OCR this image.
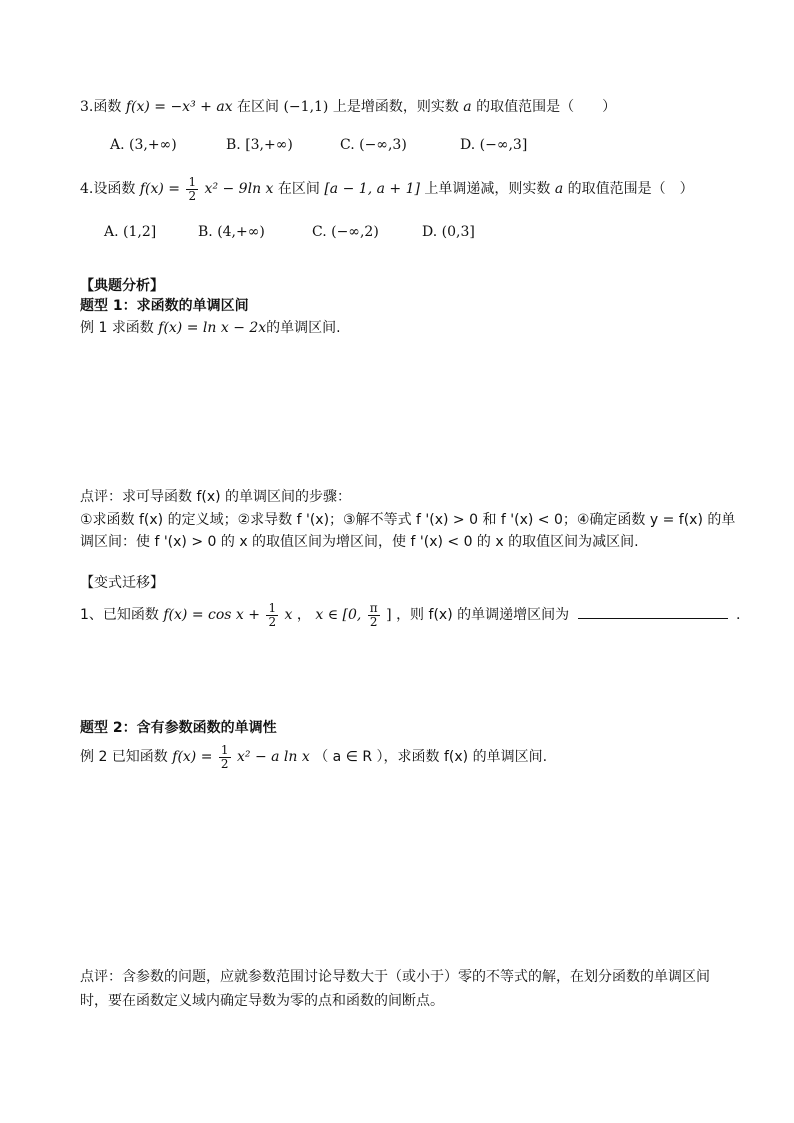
3.函数 f(x) = −x³ + ax 在区间 (−1,1) 上是增函数，则实数 a 的取值范围是（　　）
A. (3,+∞)	B. [3,+∞)	C. (−∞,3)	D. (−∞,3]
4.设函数 $f(x) = \frac{1}{2} x^2 - 9\ln$ x 在区间 [a − 1, a + 1] 上单调递减，则实数 a 的取值范围是（　）
A. (1,2]	B. (4,+∞)	C. (−∞,2)	D. (0,3]
【典题分析】
题型 1：求函数的单调区间
例 1 求函数 f(x) = ln x − 2x的单调区间.
点评：求可导函数 f(x) 的单调区间的步骤：
①求函数 f(x) 的定义域；②求导数 f '(x)；③解不等式 f '(x) > 0 和 f '(x) < 0；④确定函数 y = f(x) 的单
调区间：使 f '(x) > 0 的 x 的取值区间为增区间，使 f '(x) < 0 的 x 的取值区间为减区间.
【变式迁移】
1、已知函数 $f(x) = \cos x + \frac{1}{2}$ x ， x ∈ [0, $\frac{\pi}{2}$ ] ，则 f(x) 的单调递增区间为	.
题型 2：含有参数函数的单调性
例 2 已知函数 $f(x) = \frac{1}{2} x^2 - a$ ln x （ a ∈ R ），求函数 f(x) 的单调区间.
点评：含参数的问题，应就参数范围讨论导数大于（或小于）零的不等式的解，在划分函数的单调区间时，要在函数定义域内确定导数为零的点和函数的间断点。
